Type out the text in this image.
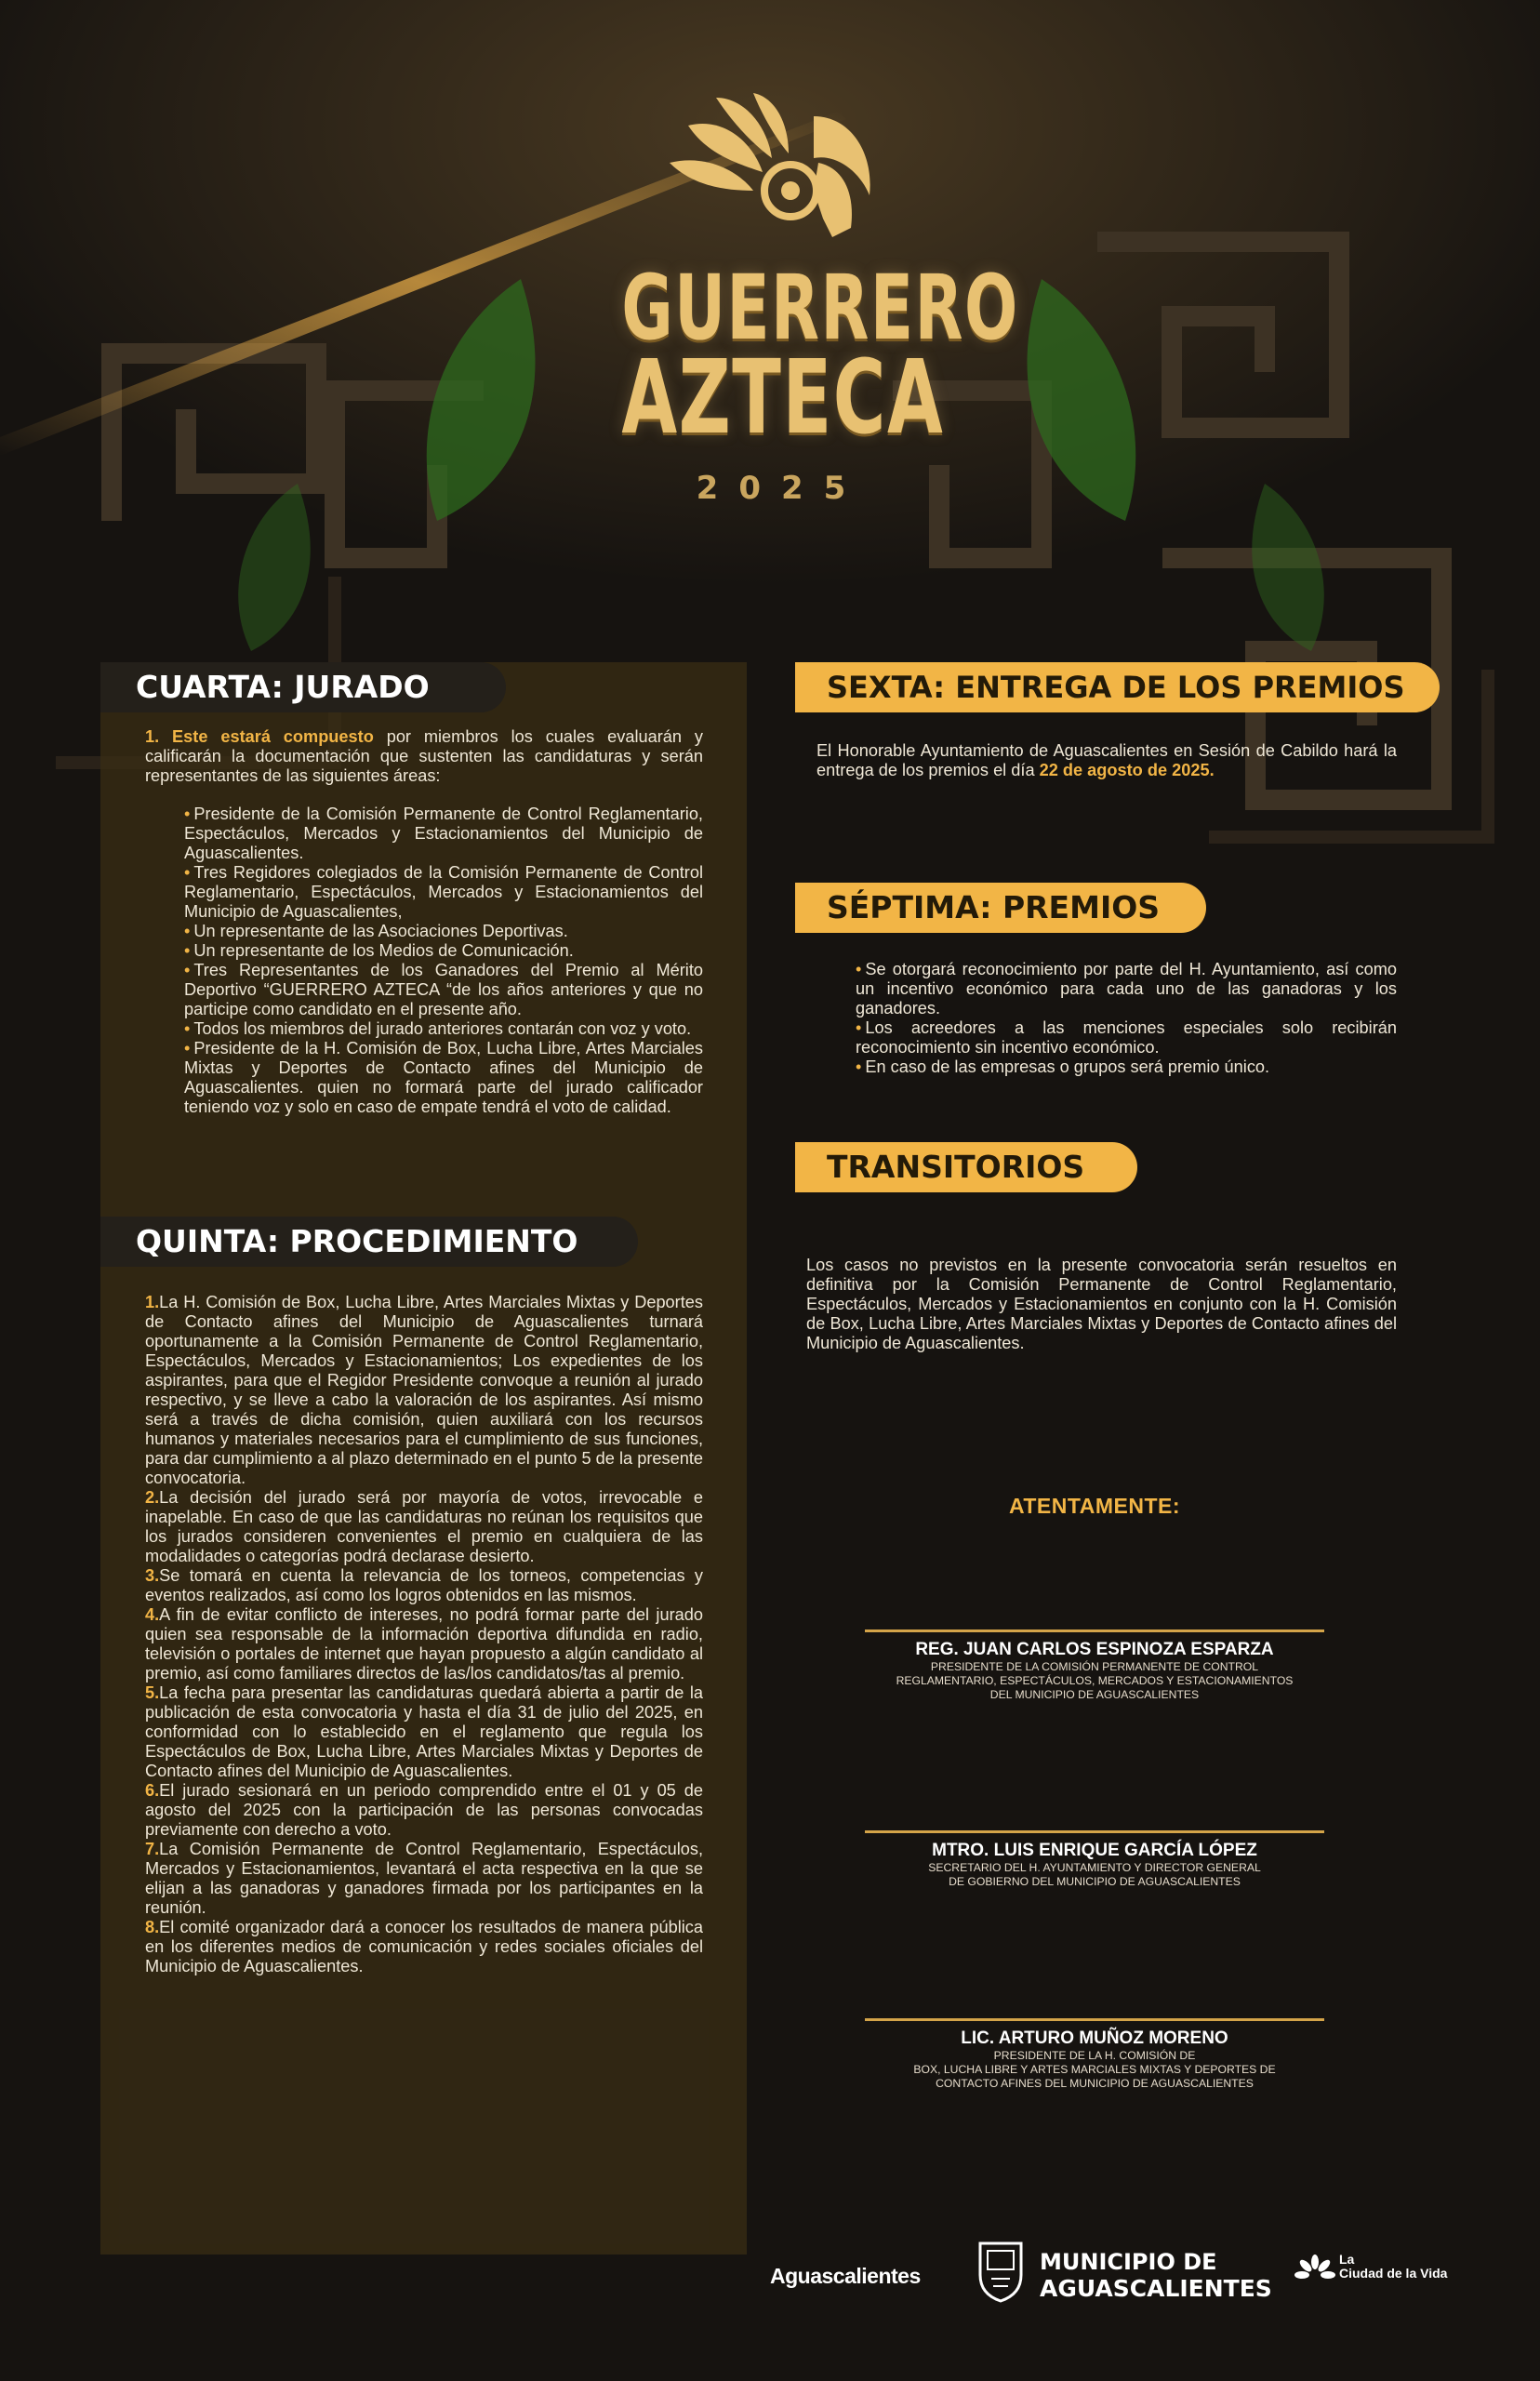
GUERRERO
AZTECA
2025
CUARTA: JURADO

1. Este estará compuesto por miembros los cuales evaluarán y calificarán la documentación que sustenten las candidaturas y serán representantes de las siguientes áreas:

• Presidente de la Comisión Permanente de Control Reglamentario, Espectáculos, Mercados y Estacionamientos del Municipio de Aguascalientes.
• Tres Regidores colegiados de la Comisión Permanente de Control Reglamentario, Espectáculos, Mercados y Estacionamientos del Municipio de Aguascalientes,
• Un representante de las Asociaciones Deportivas.
• Un representante de los Medios de Comunicación.
• Tres Representantes de los Ganadores del Premio al Mérito Deportivo “GUERRERO AZTECA “de los años anteriores y que no participe como candidato en el presente año.
• Todos los miembros del jurado anteriores contarán con voz y voto.
• Presidente de la H. Comisión de Box, Lucha Libre, Artes Marciales Mixtas y Deportes de Contacto afines del Municipio de Aguascalientes. quien no formará parte del jurado calificador teniendo voz y solo en caso de empate tendrá el voto de calidad.
QUINTA: PROCEDIMIENTO

1.La H. Comisión de Box, Lucha Libre, Artes Marciales Mixtas y Deportes de Contacto afines del Municipio de Aguascalientes turnará oportunamente a la Comisión Permanente de Control Reglamentario, Espectáculos, Mercados y Estacionamientos; Los expedientes de los aspirantes, para que el Regidor Presidente convoque a reunión al jurado respectivo, y se lleve a cabo la valoración de los aspirantes. Así mismo será a través de dicha comisión, quien auxiliará con los recursos humanos y materiales necesarios para el cumplimiento de sus funciones, para dar cumplimiento a al plazo determinado en el punto 5 de la presente convocatoria.

2.La decisión del jurado será por mayoría de votos, irrevocable e inapelable. En caso de que las candidaturas no reúnan los requisitos que los jurados consideren convenientes el premio en cualquiera de las modalidades o categorías podrá declarase desierto.

3.Se tomará en cuenta la relevancia de los torneos, competencias y eventos realizados, así como los logros obtenidos en las mismos.

4.A fin de evitar conflicto de intereses, no podrá formar parte del jurado quien sea responsable de la información deportiva difundida en radio, televisión o portales de internet que hayan propuesto a algún candidato al premio, así como familiares directos de las/los candidatos/tas al premio.

5.La fecha para presentar las candidaturas quedará abierta a partir de la publicación de esta convocatoria y hasta el día 31 de julio del 2025, en conformidad con lo establecido en el reglamento que regula los Espectáculos de Box, Lucha Libre, Artes Marciales Mixtas y Deportes de Contacto afines del Municipio de Aguascalientes.

6.El jurado sesionará en un periodo comprendido entre el 01 y 05 de agosto del 2025 con la participación de las personas convocadas previamente con derecho a voto.

7.La Comisión Permanente de Control Reglamentario, Espectáculos, Mercados y Estacionamientos, levantará el acta respectiva en la que se elijan a las ganadoras y ganadores firmada por los participantes en la reunión.

8.El comité organizador dará a conocer los resultados de manera pública en los diferentes medios de comunicación y redes sociales oficiales del Municipio de Aguascalientes.

SEXTA: ENTREGA DE LOS PREMIOS

El Honorable Ayuntamiento de Aguascalientes en Sesión de Cabildo hará la entrega de los premios el día 22 de agosto de 2025.

SÉPTIMA: PREMIOS
• Se otorgará reconocimiento por parte del H. Ayuntamiento, así como un incentivo económico para cada uno de las ganadoras y los ganadores.
• Los acreedores a las menciones especiales solo recibirán reconocimiento sin incentivo económico.
• En caso de las empresas o grupos será premio único.
TRANSITORIOS

Los casos no previstos en la presente convocatoria serán resueltos en definitiva por la Comisión Permanente de Control Reglamentario, Espectáculos, Mercados y Estacionamientos en conjunto con la H. Comisión de Box, Lucha Libre, Artes Marciales Mixtas y Deportes de Contacto afines del Municipio de Aguascalientes.

ATENTAMENTE:
REG. JUAN CARLOS ESPINOZA ESPARZA
PRESIDENTE DE LA COMISIÓN PERMANENTE DE CONTROL
REGLAMENTARIO, ESPECTÁCULOS, MERCADOS Y ESTACIONAMIENTOS
DEL MUNICIPIO DE AGUASCALIENTES
MTRO. LUIS ENRIQUE GARCÍA LÓPEZ
SECRETARIO DEL H. AYUNTAMIENTO Y DIRECTOR GENERAL
DE GOBIERNO DEL MUNICIPIO DE AGUASCALIENTES
LIC. ARTURO MUÑOZ MORENO
PRESIDENTE DE LA H. COMISIÓN DE
BOX, LUCHA LIBRE Y ARTES MARCIALES MIXTAS Y DEPORTES DE
CONTACTO AFINES DEL MUNICIPIO DE AGUASCALIENTES
Aguascalientes
MUNICIPIO DE
AGUASCALIENTES
La
Ciudad de la Vida
